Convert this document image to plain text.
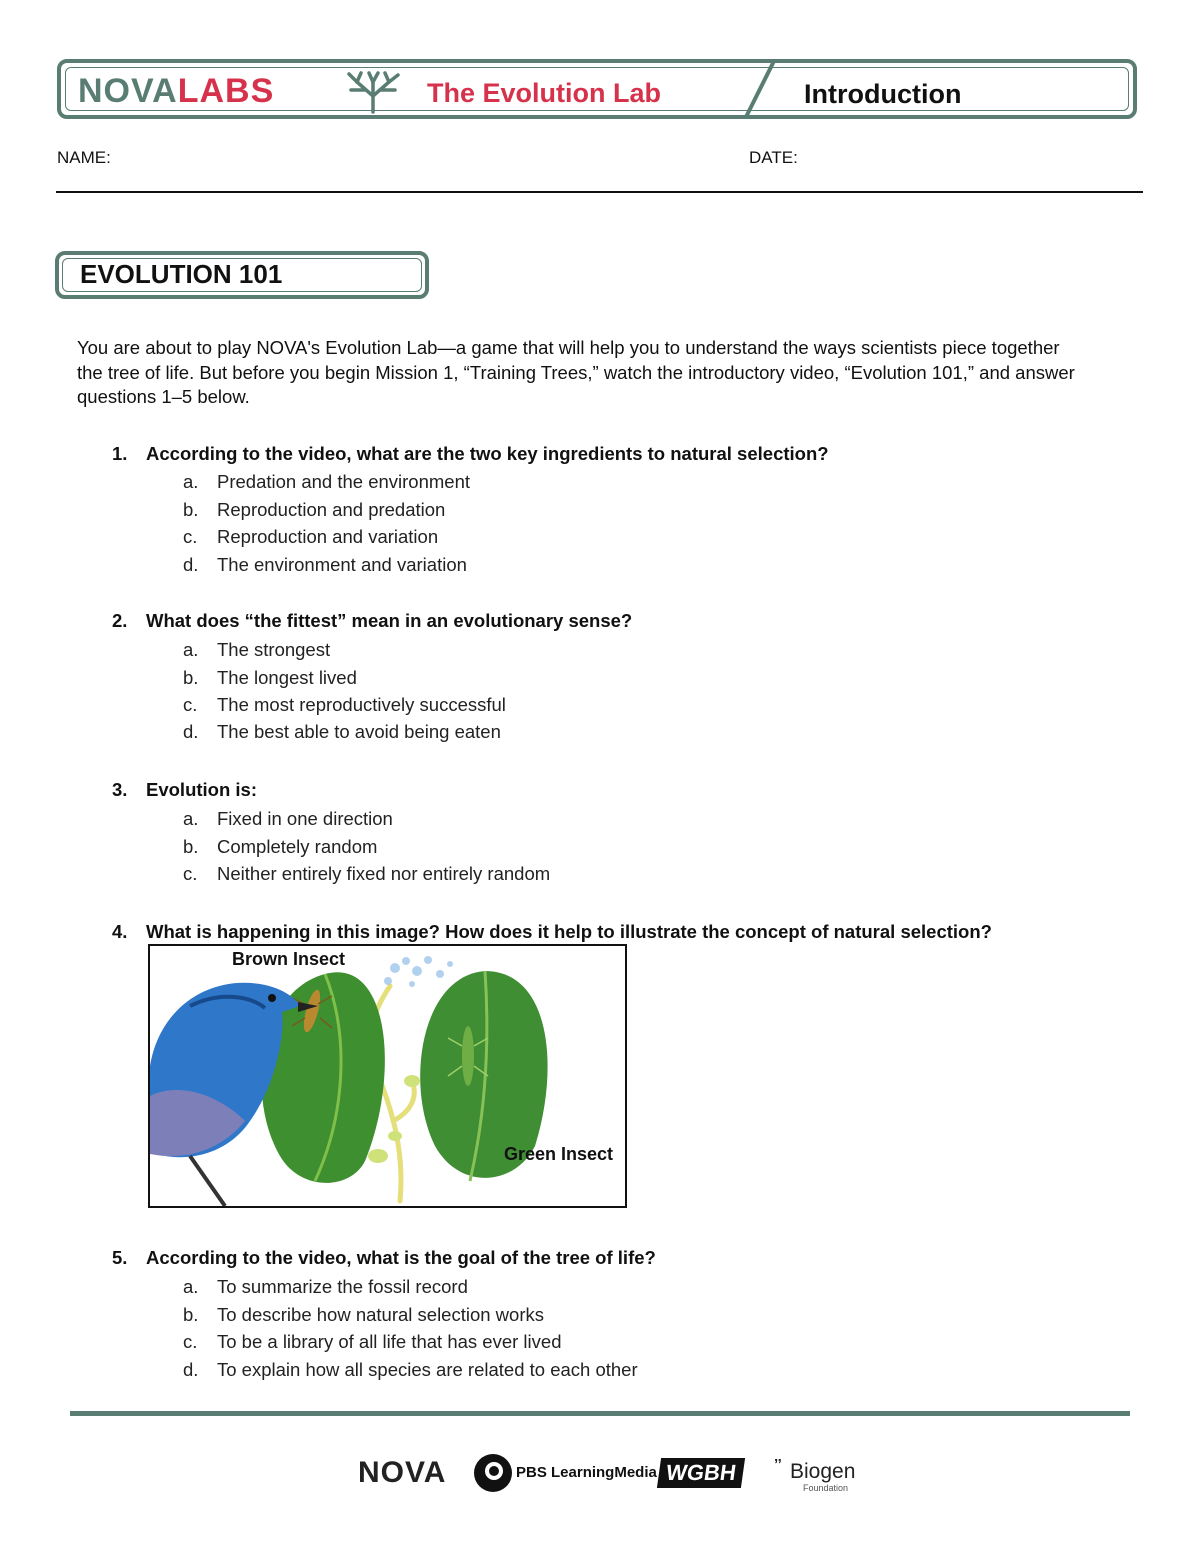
NOVALABS	The Evolution Lab	Introduction
NAME:	DATE:
EVOLUTION 101
You are about to play NOVA's Evolution Lab—a game that will help you to understand the ways scientists piece together the tree of life. But before you begin Mission 1, “Training Trees,” watch the introductory video, “Evolution 101,” and answer questions 1–5 below.
1. According to the video, what are the two key ingredients to natural selection?
a. Predation and the environment
b. Reproduction and predation
c. Reproduction and variation
d. The environment and variation
2. What does “the fittest” mean in an evolutionary sense?
a. The strongest
b. The longest lived
c. The most reproductively successful
d. The best able to avoid being eaten
3. Evolution is:
a. Fixed in one direction
b. Completely random
c. Neither entirely fixed nor entirely random
4. What is happening in this image? How does it help to illustrate the concept of natural selection?
Brown Insect
Green Insect
5. According to the video, what is the goal of the tree of life?
a. To summarize the fossil record
b. To describe how natural selection works
c. To be a library of all life that has ever lived
d. To explain how all species are related to each other
NOVA	PBS LearningMedia WGBH	’’ Biogen
Foundation
